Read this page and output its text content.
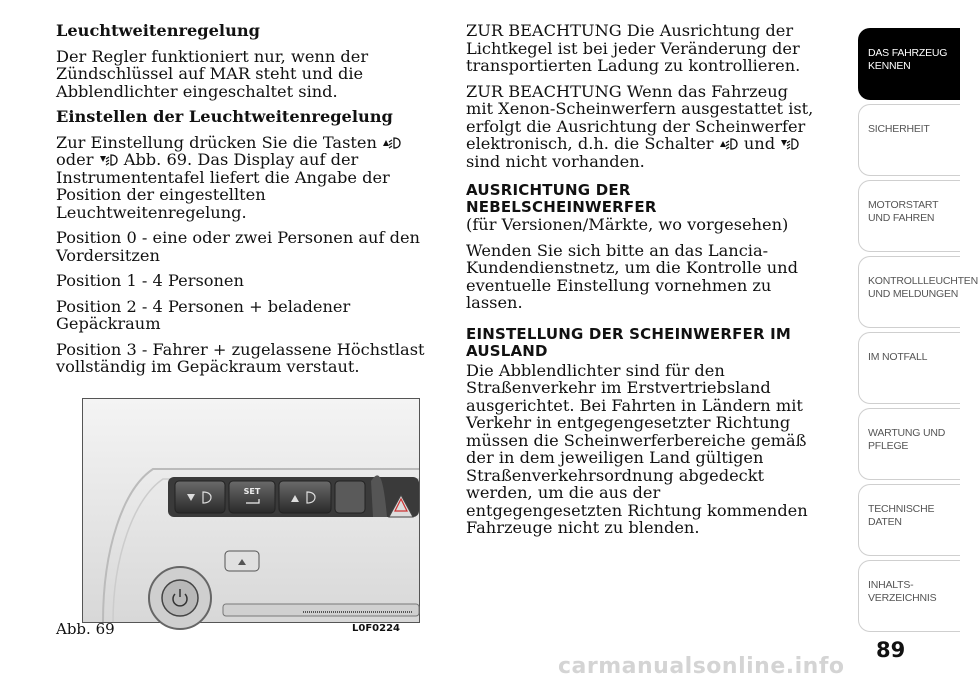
Leuchtweitenregelung

Der Regler funktioniert nur, wenn der Zündschlüssel auf MAR steht und die Abblendlichter eingeschaltet sind.

Einstellen der Leuchtweitenregelung

Zur Einstellung drücken Sie die Tasten
oder Abb. 69. Das Display auf der Instrumententafel liefert die Angabe der Position der eingestellten Leuchtweitenregelung.

Position 0 - eine oder zwei Personen auf den Vordersitzen

Position 1 - 4 Personen

Position 2 - 4 Personen + beladener Gepäckraum

Position 3 - Fahrer + zugelassene Höchstlast vollständig im Gepäckraum verstaut.

ZUR BEACHTUNG Die Ausrichtung der Lichtkegel ist bei jeder Veränderung der transportierten Ladung zu kontrollieren.

ZUR BEACHTUNG Wenn das Fahrzeug mit Xenon-Scheinwerfern ausgestattet ist, erfolgt die Ausrichtung der Scheinwerfer elektronisch, d.h. die Schalter und
sind nicht vorhanden.

AUSRICHTUNG DER
NEBELSCHEINWERFER

(für Versionen/Märkte, wo vorgesehen)

Wenden Sie sich bitte an das Lancia-Kundendienstnetz, um die Kontrolle und eventuelle Einstellung vornehmen zu lassen.

EINSTELLUNG DER SCHEINWERFER IM AUSLAND

Die Abblendlichter sind für den Straßenverkehr im Erstvertriebsland ausgerichtet. Bei Fahrten in Ländern mit Verkehr in entgegengesetzter Richtung müssen die Scheinwerferbereiche gemäß der in dem jeweiligen Land gültigen Straßenverkehrsordnung abgedeckt werden, um die aus der entgegengesetzten Richtung kommenden Fahrzeuge nicht zu blenden.

SET
Abb. 69	L0F0224
DAS FAHRZEUG KENNEN
SICHERHEIT
MOTORSTART UND FAHREN
KONTROLLLEUCHTEN UND MELDUNGEN
IM NOTFALL
WARTUNG UND PFLEGE
TECHNISCHE DATEN
INHALTS-VERZEICHNIS
89
carmanualsonline.info
